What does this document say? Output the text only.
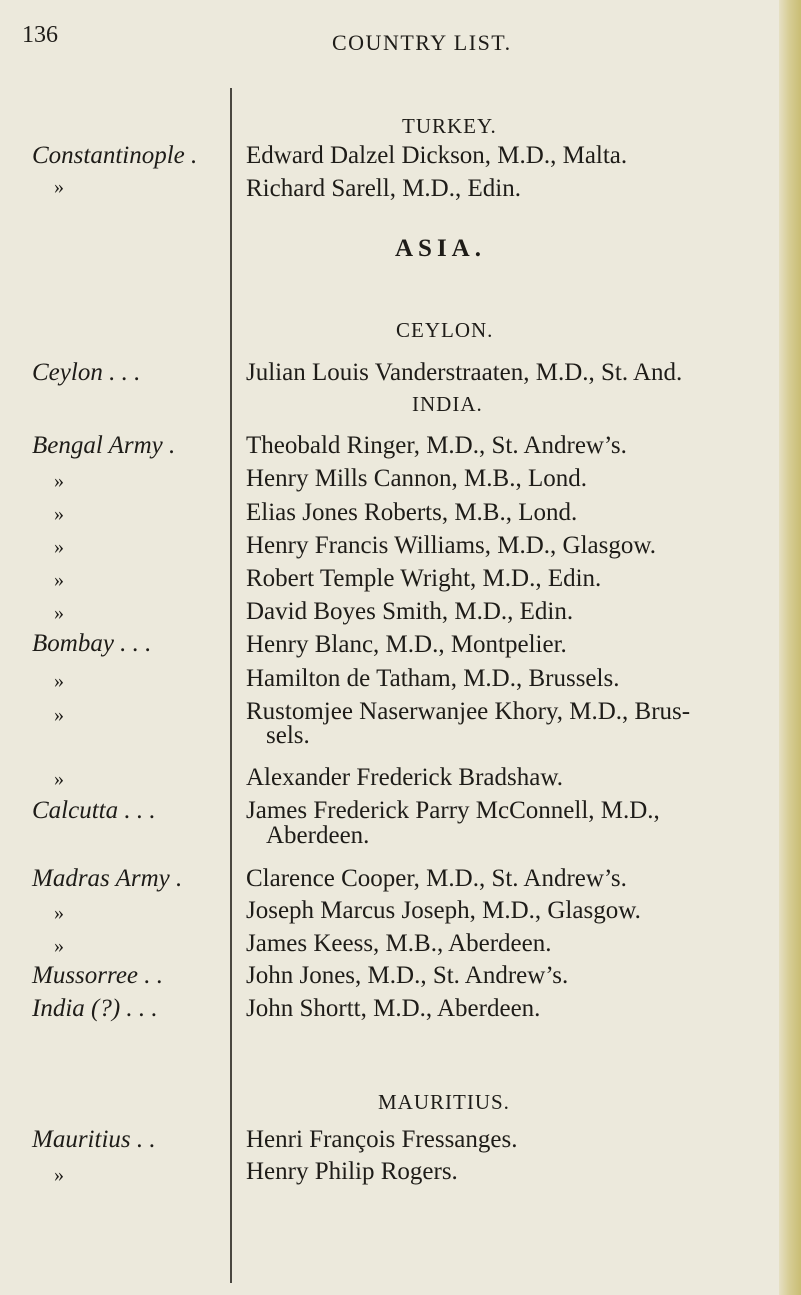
136	COUNTRY LIST.
Constantinople .
»
Ceylon . . .
Bengal Army .
»
»
»
»
»
Bombay . . .
»
»
»
Calcutta . . .
Madras Army .
»
»
Mussorree . .
India (?) . . .
Mauritius . .
»
TURKEY.
ASIA.
CEYLON.
INDIA.
MAURITIUS.
Edward Dalzel Dickson, M.D., Malta.
Richard Sarell, M.D., Edin.
Julian Louis Vanderstraaten, M.D., St. And.
Theobald Ringer, M.D., St. Andrew’s.
Henry Mills Cannon, M.B., Lond.
Elias Jones Roberts, M.B., Lond.
Henry Francis Williams, M.D., Glasgow.
Robert Temple Wright, M.D., Edin.
David Boyes Smith, M.D., Edin.
Henry Blanc, M.D., Montpelier.
Hamilton de Tatham, M.D., Brussels.
Rustomjee Naserwanjee Khory, M.D., Brus-
sels.
Alexander Frederick Bradshaw.
James Frederick Parry McConnell, M.D.,
Aberdeen.
Clarence Cooper, M.D., St. Andrew’s.
Joseph Marcus Joseph, M.D., Glasgow.
James Keess, M.B., Aberdeen.
John Jones, M.D., St. Andrew’s.
John Shortt, M.D., Aberdeen.
Henri François Fressanges.
Henry Philip Rogers.
